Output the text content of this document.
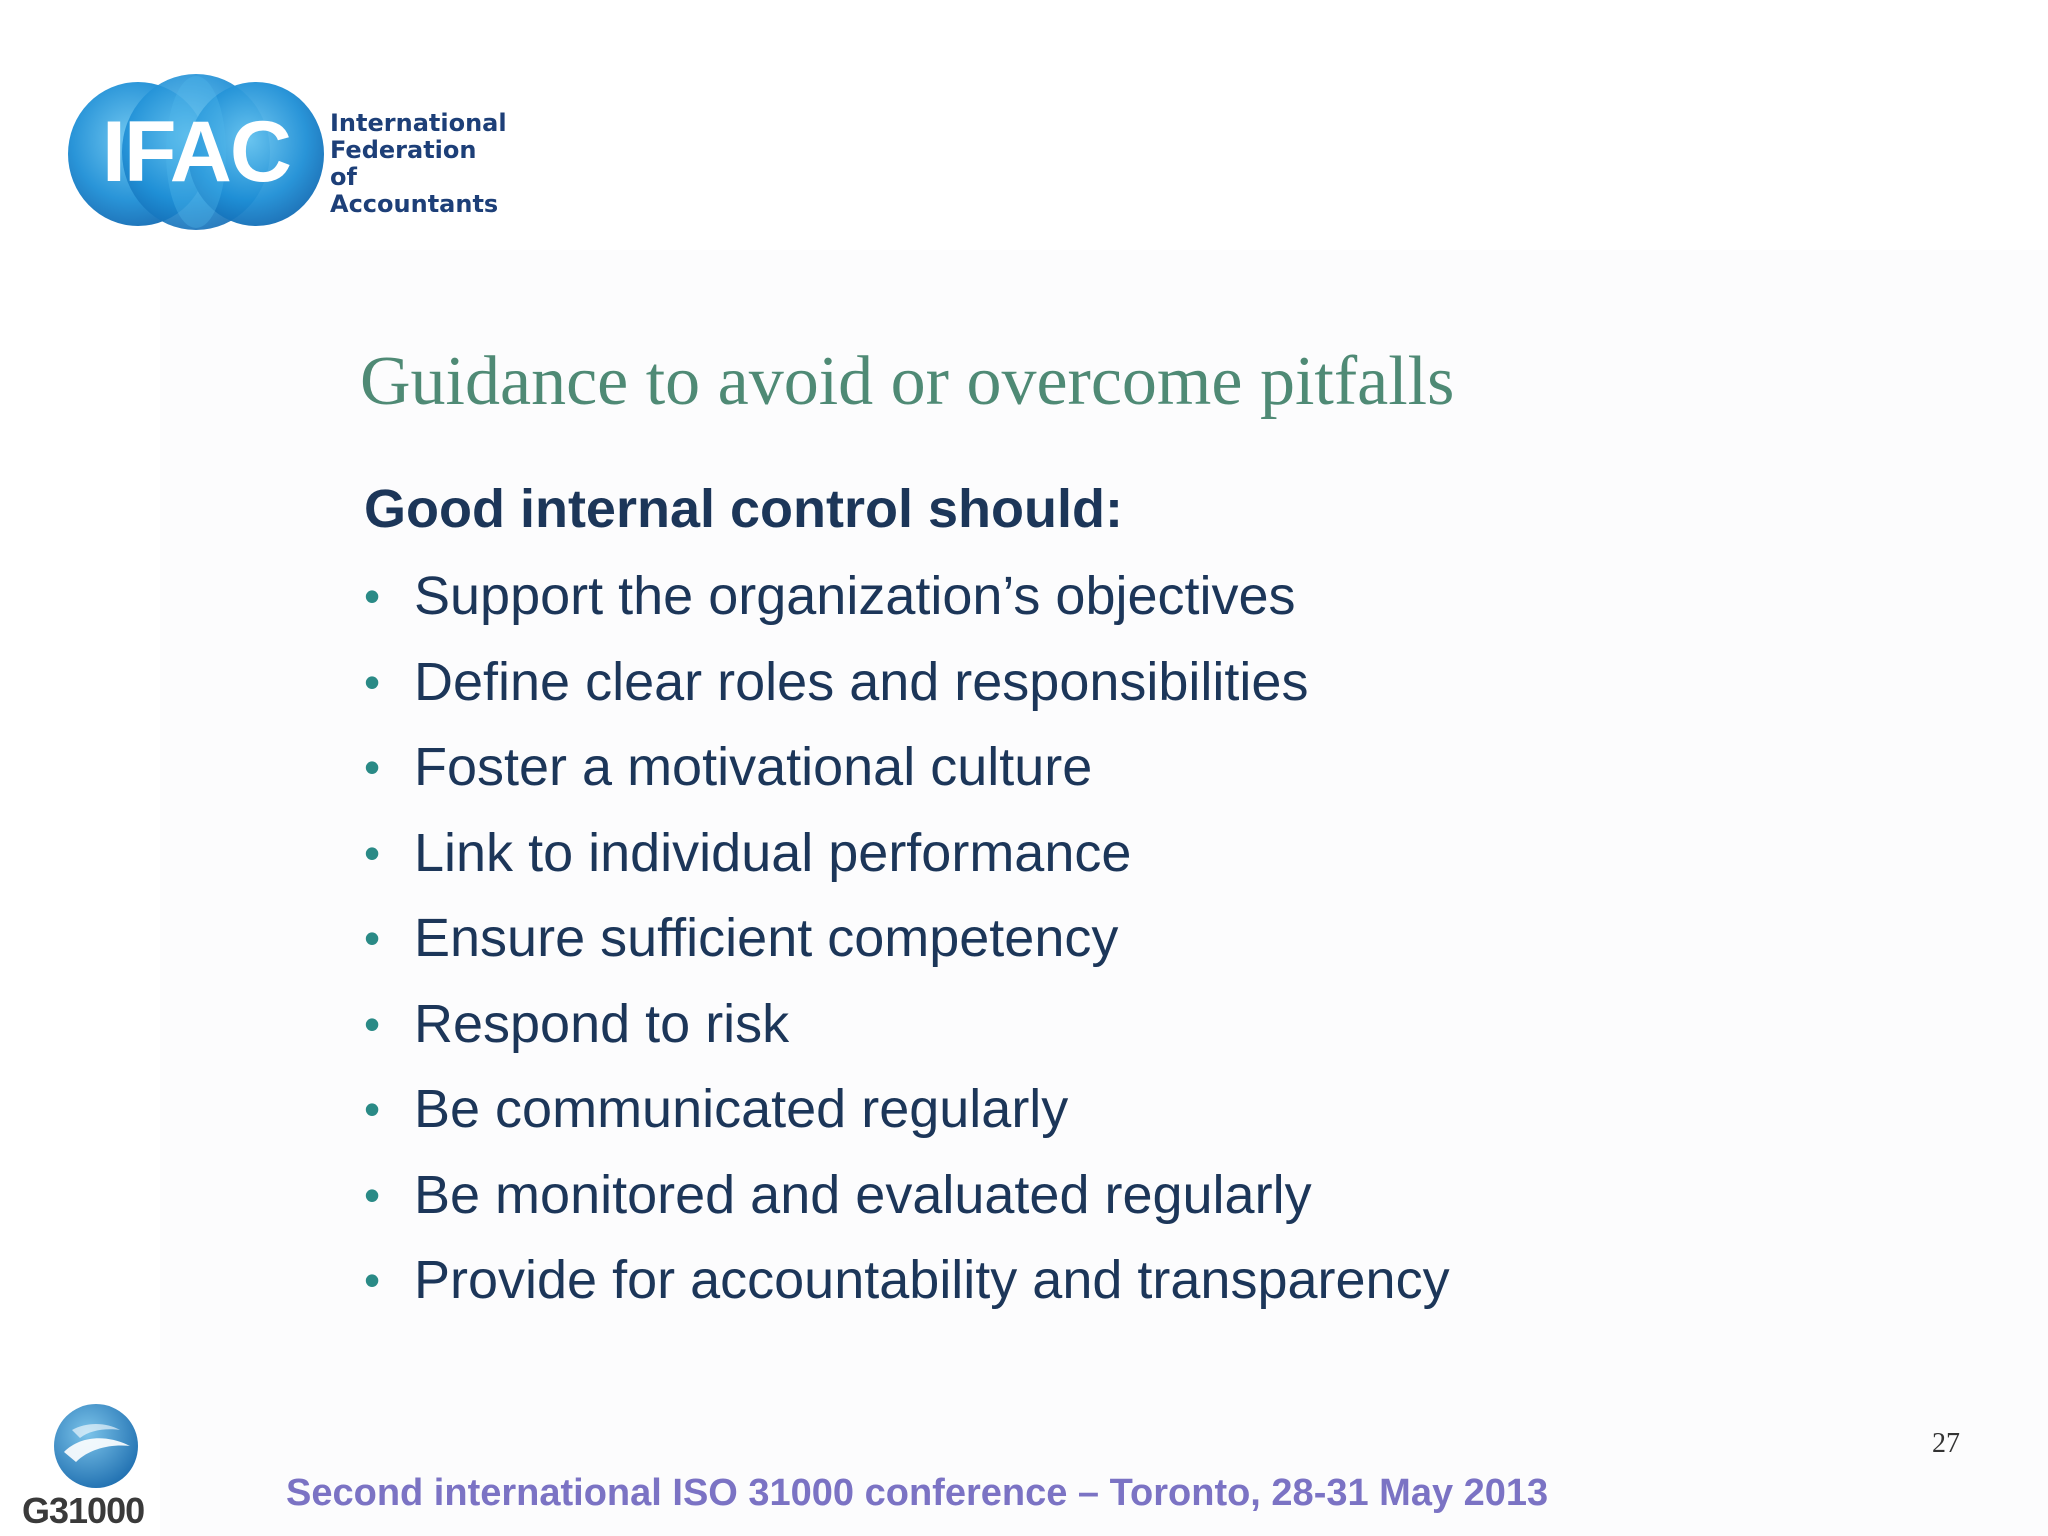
IFAC	International
Federation
of Accountants
Guidance to avoid or overcome pitfalls
Good internal control should:
• Support the organization’s objectives
• Define clear roles and responsibilities
• Foster a motivational culture
• Link to individual performance
• Ensure sufficient competency
• Respond to risk
• Be communicated regularly
• Be monitored and evaluated regularly
• Provide for accountability and transparency
G31000	Second international ISO 31000 conference – Toronto, 28-31 May 2013
27
